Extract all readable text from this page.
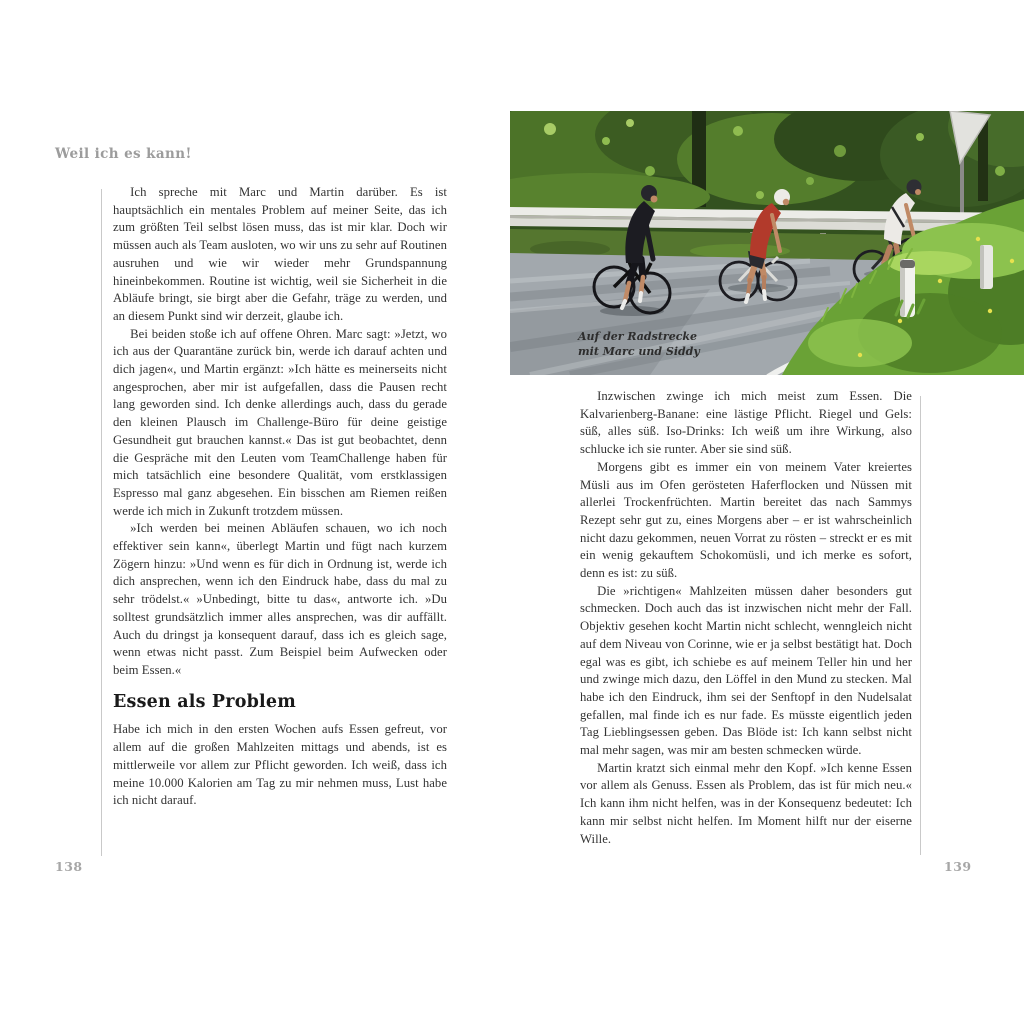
Weil ich es kann!

Ich spreche mit Marc und Martin darüber. Es ist hauptsächlich ein mentales Problem auf meiner Seite, das ich zum größten Teil selbst lösen muss, das ist mir klar. Doch wir müssen auch als Team ausloten, wo wir uns zu sehr auf Routinen ausruhen und wie wir wieder mehr Grundspannung hineinbekommen. Routine ist wichtig, weil sie Sicherheit in die Abläufe bringt, sie birgt aber die Gefahr, träge zu werden, und an diesem Punkt sind wir derzeit, glaube ich.

Bei beiden stoße ich auf offene Ohren. Marc sagt: »Jetzt, wo ich aus der Quarantäne zurück bin, werde ich darauf achten und dich jagen«, und Martin ergänzt: »Ich hätte es meinerseits nicht angesprochen, aber mir ist aufgefallen, dass die Pausen recht lang geworden sind. Ich denke allerdings auch, dass du gerade den kleinen Plausch im Challenge-Büro für deine geistige Gesundheit gut brauchen kannst.« Das ist gut beobachtet, denn die Gespräche mit den Leuten vom TeamChallenge haben für mich tatsächlich eine besondere Qualität, vom erstklassigen Espresso mal ganz abgesehen. Ein bisschen am Riemen reißen werde ich mich in Zukunft trotzdem müssen.

»Ich werden bei meinen Abläufen schauen, wo ich noch effektiver sein kann«, überlegt Martin und fügt nach kurzem Zögern hinzu: »Und wenn es für dich in Ordnung ist, werde ich dich ansprechen, wenn ich den Eindruck habe, dass du mal zu sehr trödelst.« »Unbedingt, bitte tu das«, antworte ich. »Du solltest grundsätzlich immer alles ansprechen, was dir auffällt. Auch du dringst ja konsequent darauf, dass ich es gleich sage, wenn etwas nicht passt. Zum Beispiel beim Aufwecken oder beim Essen.«

Essen als Problem

Habe ich mich in den ersten Wochen aufs Essen gefreut, vor allem auf die großen Mahlzeiten mittags und abends, ist es mittlerweile vor allem zur Pflicht geworden. Ich weiß, dass ich meine 10.000 Kalorien am Tag zu mir nehmen muss, Lust habe ich nicht darauf.

138
Auf der Radstrecke
mit Marc und Siddy

Inzwischen zwinge ich mich meist zum Essen. Die Kalvarienberg-Banane: eine lästige Pflicht. Riegel und Gels: süß, alles süß. Iso-Drinks: Ich weiß um ihre Wirkung, also schlucke ich sie runter. Aber sie sind süß.

Morgens gibt es immer ein von meinem Vater kreiertes Müsli aus im Ofen gerösteten Haferflocken und Nüssen mit allerlei Trockenfrüchten. Martin bereitet das nach Sammys Rezept sehr gut zu, eines Morgens aber – er ist wahrscheinlich nicht dazu gekommen, neuen Vorrat zu rösten – streckt er es mit ein wenig gekauftem Schokomüsli, und ich merke es sofort, denn es ist: zu süß.

Die »richtigen« Mahlzeiten müssen daher besonders gut schmecken. Doch auch das ist inzwischen nicht mehr der Fall. Objektiv gesehen kocht Martin nicht schlecht, wenngleich nicht auf dem Niveau von Corinne, wie er ja selbst bestätigt hat. Doch egal was es gibt, ich schiebe es auf meinem Teller hin und her und zwinge mich dazu, den Löffel in den Mund zu stecken. Mal habe ich den Eindruck, ihm sei der Senftopf in den Nudelsalat gefallen, mal finde ich es nur fade. Es müsste eigentlich jeden Tag Lieblingsessen geben. Das Blöde ist: Ich kann selbst nicht mal mehr sagen, was mir am besten schmecken würde.

Martin kratzt sich einmal mehr den Kopf. »Ich kenne Essen vor allem als Genuss. Essen als Problem, das ist für mich neu.« Ich kann ihm nicht helfen, was in der Konsequenz bedeutet: Ich kann mir selbst nicht helfen. Im Moment hilft nur der eiserne Wille.

139
